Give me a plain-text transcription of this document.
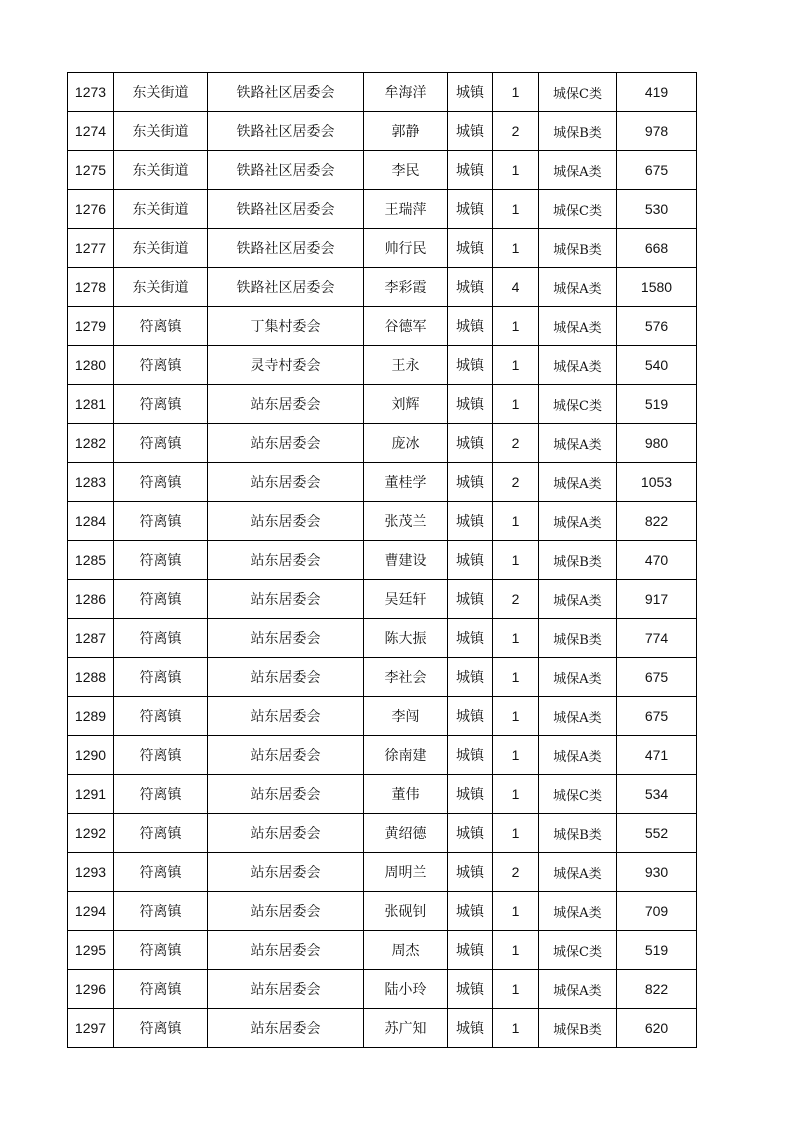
1273	东关街道	铁路社区居委会	牟海洋	城镇	1	城保C类	419
1274	东关街道	铁路社区居委会	郭静	城镇	2	城保B类	978
1275	东关街道	铁路社区居委会	李民	城镇	1	城保A类	675
1276	东关街道	铁路社区居委会	王瑞萍	城镇	1	城保C类	530
1277	东关街道	铁路社区居委会	帅行民	城镇	1	城保B类	668
1278	东关街道	铁路社区居委会	李彩霞	城镇	4	城保A类	1580
1279	符离镇	丁集村委会	谷德军	城镇	1	城保A类	576
1280	符离镇	灵寺村委会	王永	城镇	1	城保A类	540
1281	符离镇	站东居委会	刘辉	城镇	1	城保C类	519
1282	符离镇	站东居委会	庞冰	城镇	2	城保A类	980
1283	符离镇	站东居委会	董桂学	城镇	2	城保A类	1053
1284	符离镇	站东居委会	张茂兰	城镇	1	城保A类	822
1285	符离镇	站东居委会	曹建设	城镇	1	城保B类	470
1286	符离镇	站东居委会	吴廷轩	城镇	2	城保A类	917
1287	符离镇	站东居委会	陈大振	城镇	1	城保B类	774
1288	符离镇	站东居委会	李社会	城镇	1	城保A类	675
1289	符离镇	站东居委会	李闯	城镇	1	城保A类	675
1290	符离镇	站东居委会	徐南建	城镇	1	城保A类	471
1291	符离镇	站东居委会	董伟	城镇	1	城保C类	534
1292	符离镇	站东居委会	黄绍德	城镇	1	城保B类	552
1293	符离镇	站东居委会	周明兰	城镇	2	城保A类	930
1294	符离镇	站东居委会	张砚钊	城镇	1	城保A类	709
1295	符离镇	站东居委会	周杰	城镇	1	城保C类	519
1296	符离镇	站东居委会	陆小玲	城镇	1	城保A类	822
1297	符离镇	站东居委会	苏广知	城镇	1	城保B类	620
